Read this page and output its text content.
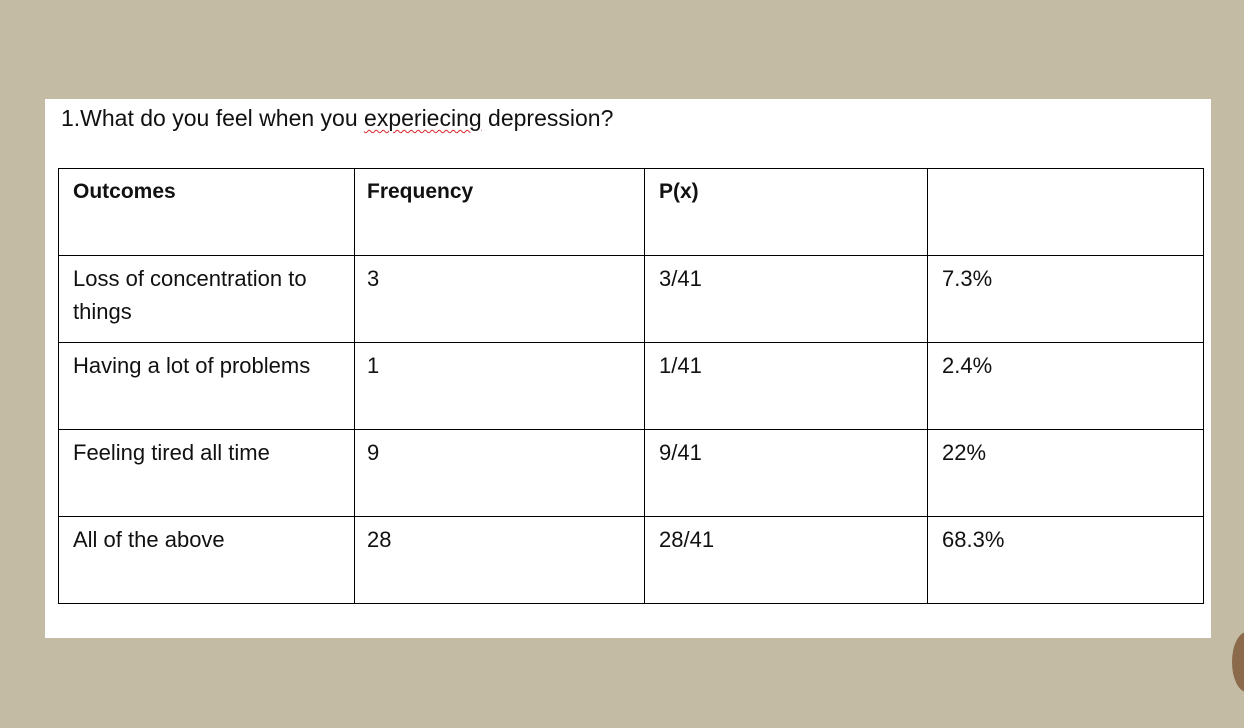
1.What do you feel when you experiecing depression?
Outcomes	Frequency	P(x)	
Loss of concentration to things	3	3/41	7.3%
Having a lot of problems	1	1/41	2.4%
Feeling tired all time	9	9/41	22%
All of the above	28	28/41	68.3%
